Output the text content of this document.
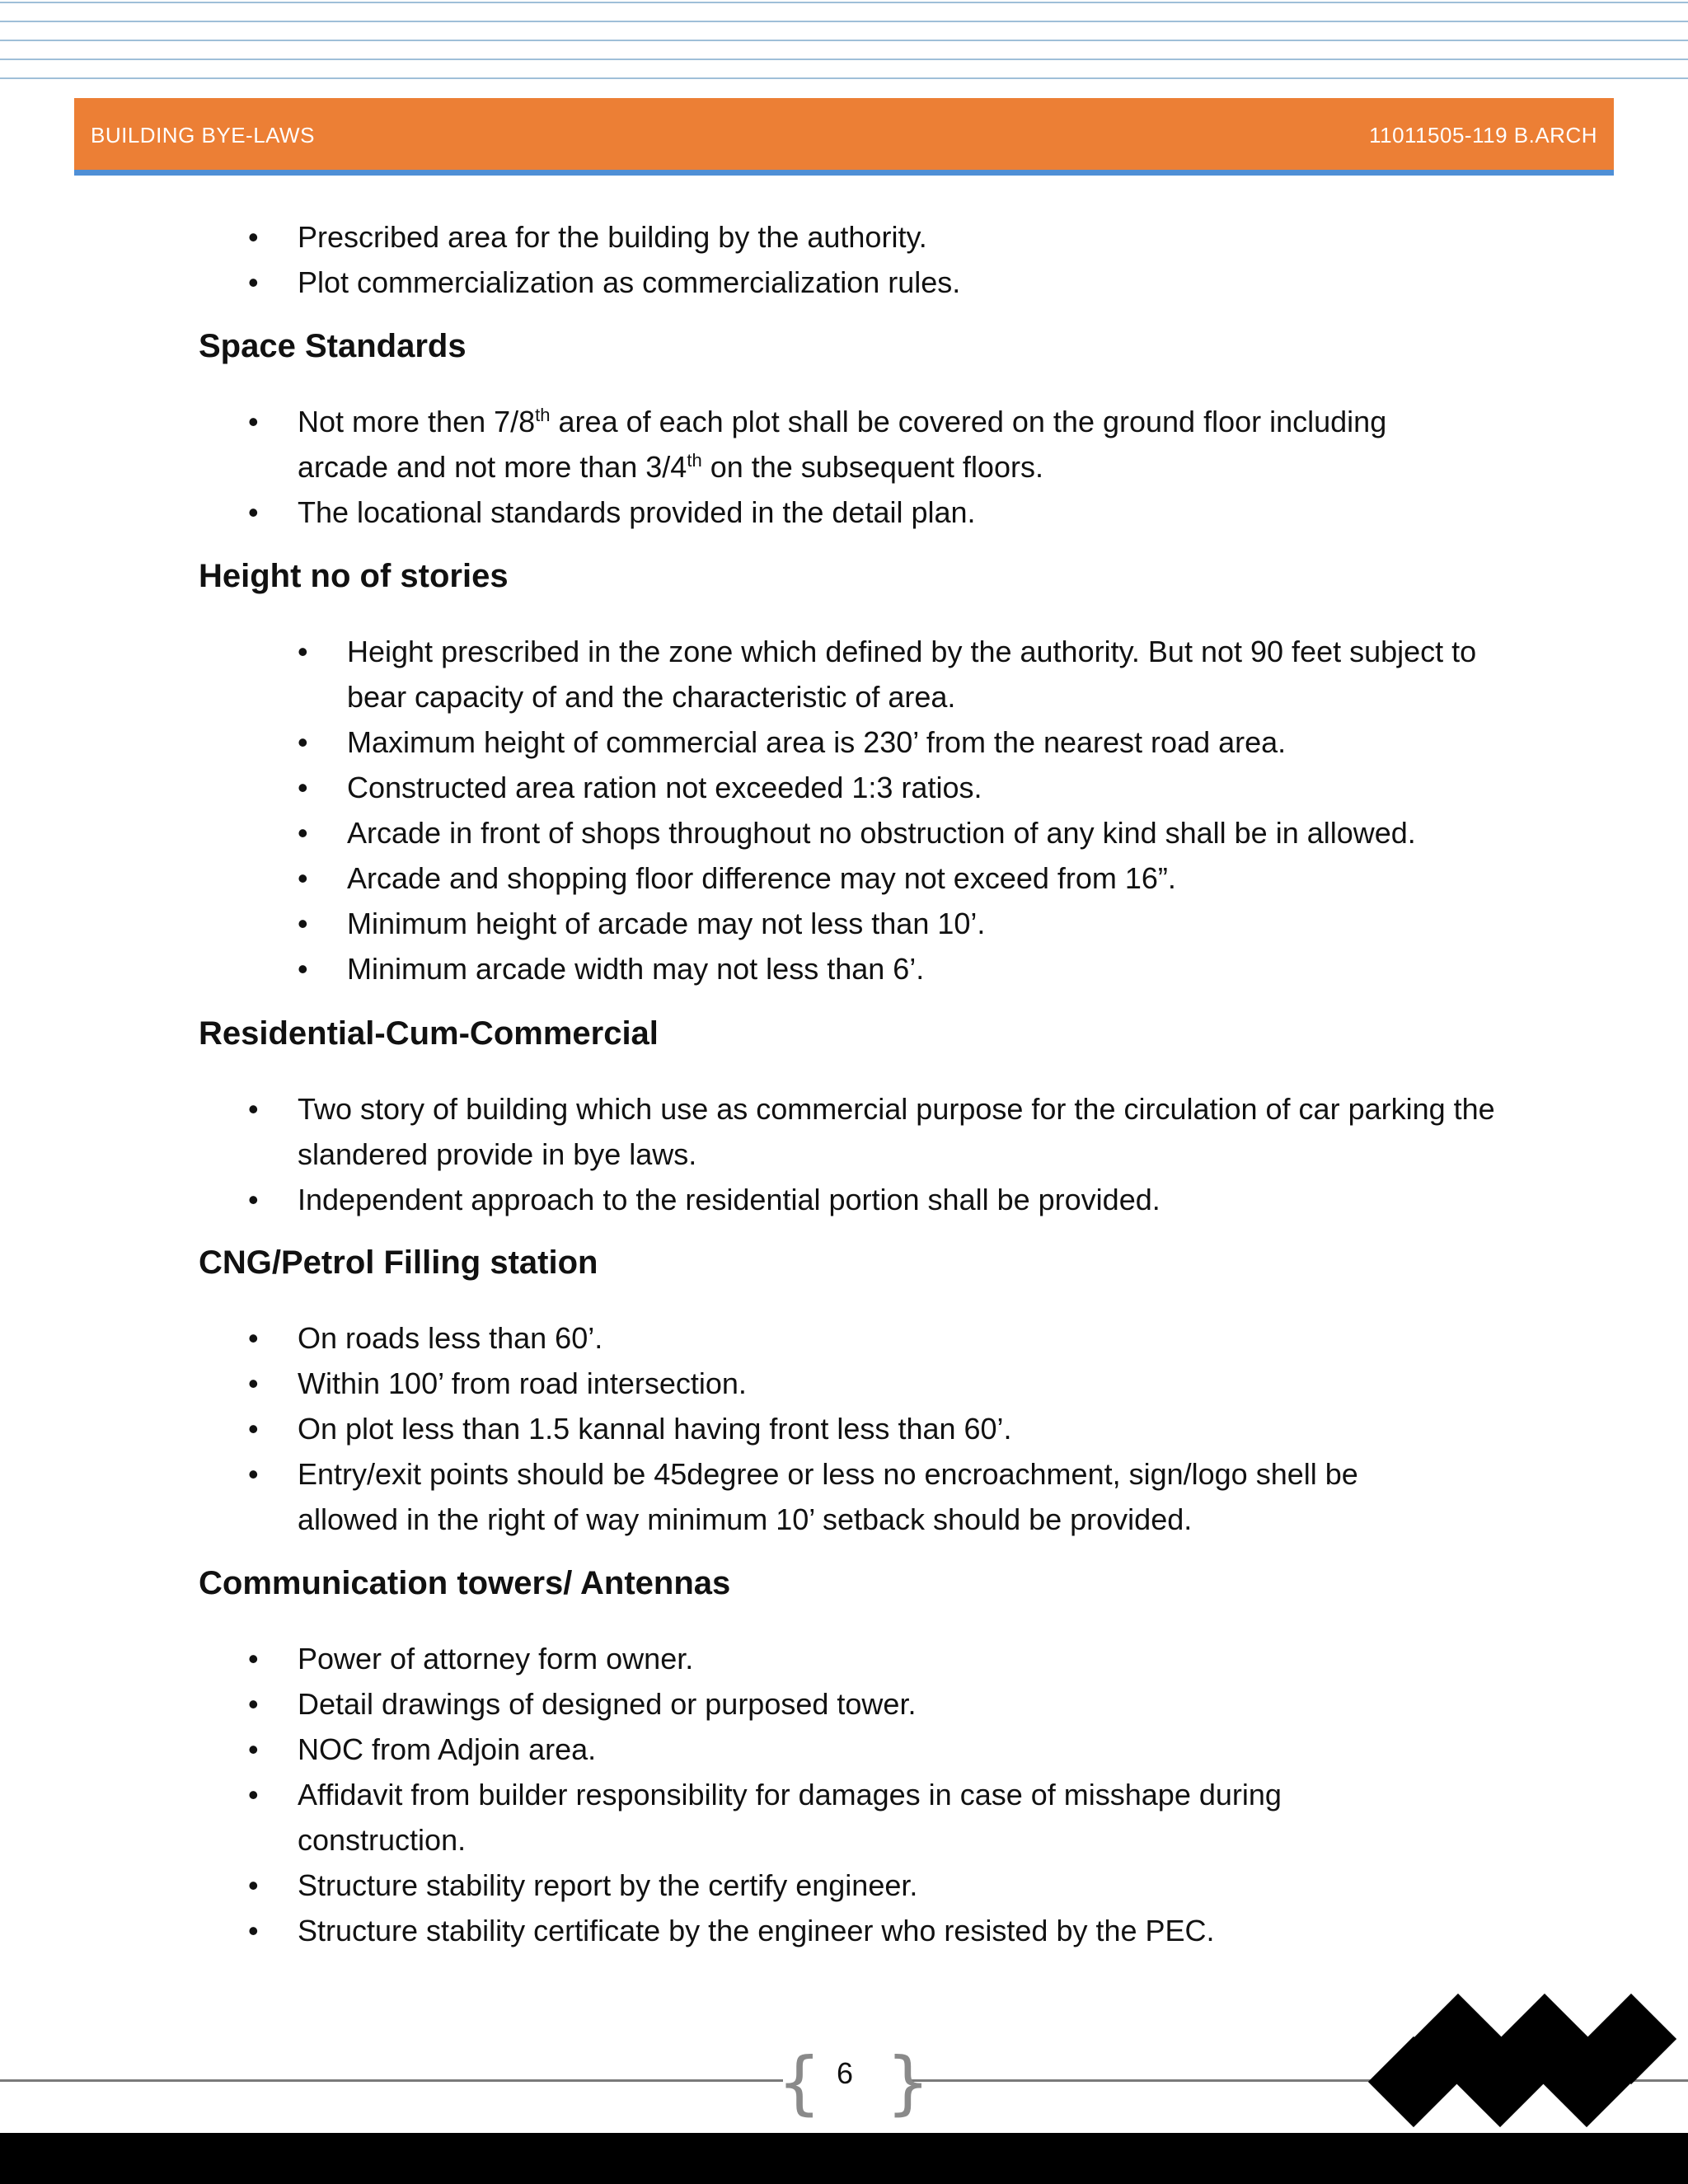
BUILDING BYE-LAWS	11011505-119 B.ARCH
• Prescribed area for the building by the authority.
• Plot commercialization as commercialization rules.
Space Standards
• Not more then 7/8th area of each plot shall be covered on the ground floor including
arcade and not more than 3/4th on the subsequent floors.
• The locational standards provided in the detail plan.
Height no of stories
• Height prescribed in the zone which defined by the authority. But not 90 feet subject to bear capacity of and the characteristic of area.
• Maximum height of commercial area is 230’ from the nearest road area.
• Constructed area ration not exceeded 1:3 ratios.
• Arcade in front of shops throughout no obstruction of any kind shall be in allowed.
• Arcade and shopping floor difference may not exceed from 16”.
• Minimum height of arcade may not less than 10’.
• Minimum arcade width may not less than 6’.
Residential-Cum-Commercial
• Two story of building which use as commercial purpose for the circulation of car parking the slandered provide in bye laws.
• Independent approach to the residential portion shall be provided.
CNG/Petrol Filling station
• On roads less than 60’.
• Within 100’ from road intersection.
• On plot less than 1.5 kannal having front less than 60’.
• Entry/exit points should be 45degree or less no encroachment, sign/logo shell be allowed in the right of way minimum 10’ setback should be provided.
Communication towers/ Antennas
• Power of attorney form owner.
• Detail drawings of designed or purposed tower.
• NOC from Adjoin area.
• Affidavit from builder responsibility for damages in case of misshape during construction.
• Structure stability report by the certify engineer.
• Structure stability certificate by the engineer who resisted by the PEC.
{ }
6
